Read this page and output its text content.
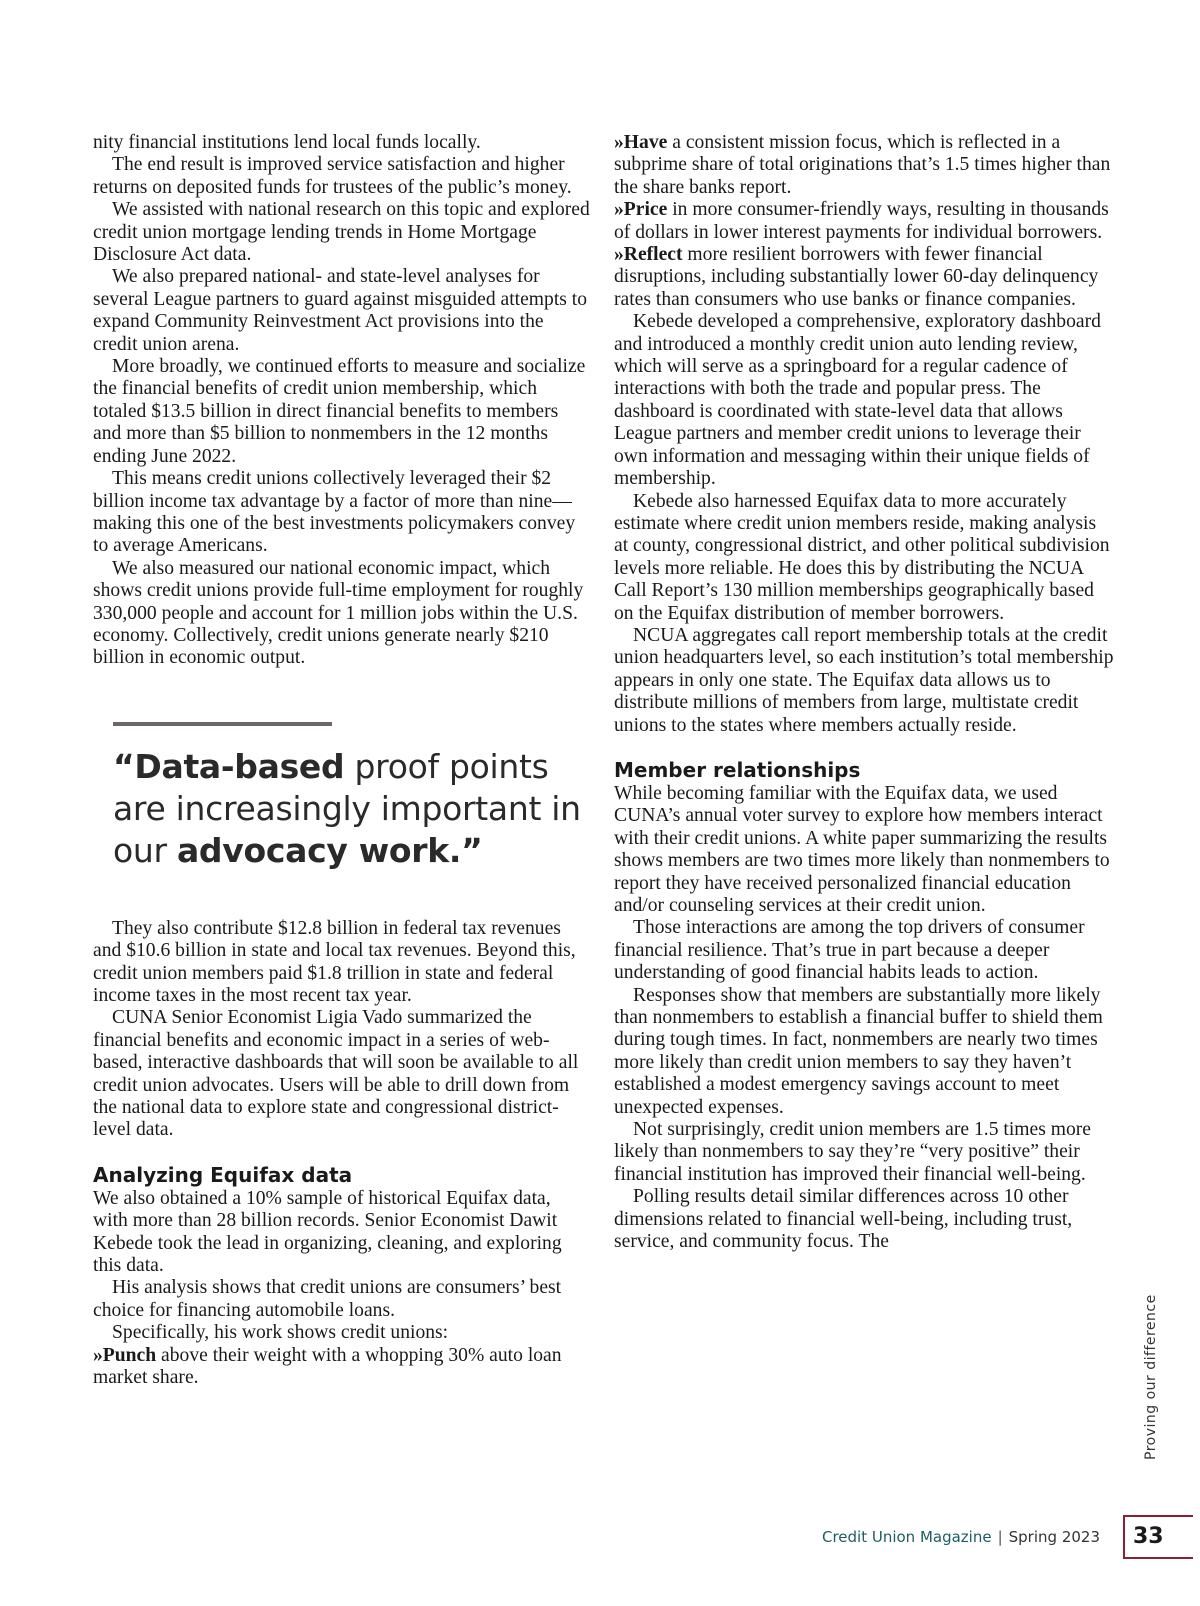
nity financial institutions lend local funds locally.

The end result is improved service satisfaction and higher returns on deposited funds for trustees of the public’s money.

We assisted with national research on this topic and explored credit union mortgage lending trends in Home Mortgage Disclosure Act data.

We also prepared national- and state-level analyses for several League partners to guard against misguided attempts to expand Community Reinvestment Act provisions into the credit union arena.

More broadly, we continued efforts to measure and socialize the financial benefits of credit union membership, which totaled $13.5 billion in direct financial benefits to members and more than $5 billion to nonmembers in the 12 months ending June 2022.

This means credit unions collectively leveraged their $2 billion income tax advantage by a factor of more than nine—making this one of the best investments policymakers convey to average Americans.

We also measured our national economic impact, which shows credit unions provide full-time employment for roughly 330,000 people and account for 1 million jobs within the U.S. economy. Collectively, credit unions generate nearly $210 billion in economic output.

“Data-based proof points are increasingly important in our advocacy work.”

They also contribute $12.8 billion in federal tax revenues and $10.6 billion in state and local tax revenues. Beyond this, credit union members paid $1.8 trillion in state and federal income taxes in the most recent tax year.

CUNA Senior Economist Ligia Vado summarized the financial benefits and economic impact in a series of web-based, interactive dashboards that will soon be available to all credit union advocates. Users will be able to drill down from the national data to explore state and congressional district-level data.

Analyzing Equifax data

We also obtained a 10% sample of historical Equifax data, with more than 28 billion records. Senior Economist Dawit Kebede took the lead in organizing, cleaning, and exploring this data.

His analysis shows that credit unions are consumers’ best choice for financing automobile loans.

Specifically, his work shows credit unions:

»Punch above their weight with a whopping 30% auto loan market share.

»Have a consistent mission focus, which is reflected in a subprime share of total originations that’s 1.5 times higher than the share banks report.

»Price in more consumer-friendly ways, resulting in thousands of dollars in lower interest payments for individual borrowers.

»Reflect more resilient borrowers with fewer financial disruptions, including substantially lower 60-day delinquency rates than consumers who use banks or finance companies.

Kebede developed a comprehensive, exploratory dashboard and introduced a monthly credit union auto lending review, which will serve as a springboard for a regular cadence of interactions with both the trade and popular press. The dashboard is coordinated with state-level data that allows League partners and member credit unions to leverage their own information and messaging within their unique fields of membership.

Kebede also harnessed Equifax data to more accurately estimate where credit union members reside, making analysis at county, congressional district, and other political subdivision levels more reliable. He does this by distributing the NCUA Call Report’s 130 million memberships geographically based on the Equifax distribution of member borrowers.

NCUA aggregates call report membership totals at the credit union headquarters level, so each institution’s total membership appears in only one state. The Equifax data allows us to distribute millions of members from large, multistate credit unions to the states where members actually reside.

Member relationships

While becoming familiar with the Equifax data, we used CUNA’s annual voter survey to explore how members interact with their credit unions. A white paper summarizing the results shows members are two times more likely than nonmembers to report they have received personalized financial education and/or counseling services at their credit union.

Those interactions are among the top drivers of consumer financial resilience. That’s true in part because a deeper understanding of good financial habits leads to action.

Responses show that members are substantially more likely than nonmembers to establish a financial buffer to shield them during tough times. In fact, nonmembers are nearly two times more likely than credit union members to say they haven’t established a modest emergency savings account to meet unexpected expenses.

Not surprisingly, credit union members are 1.5 times more likely than nonmembers to say they’re “very positive” their financial institution has improved their financial well-being.

Polling results detail similar differences across 10 other dimensions related to financial well-being, including trust, service, and community focus. The

Proving our difference
Credit Union Magazine | Spring 2023	33
